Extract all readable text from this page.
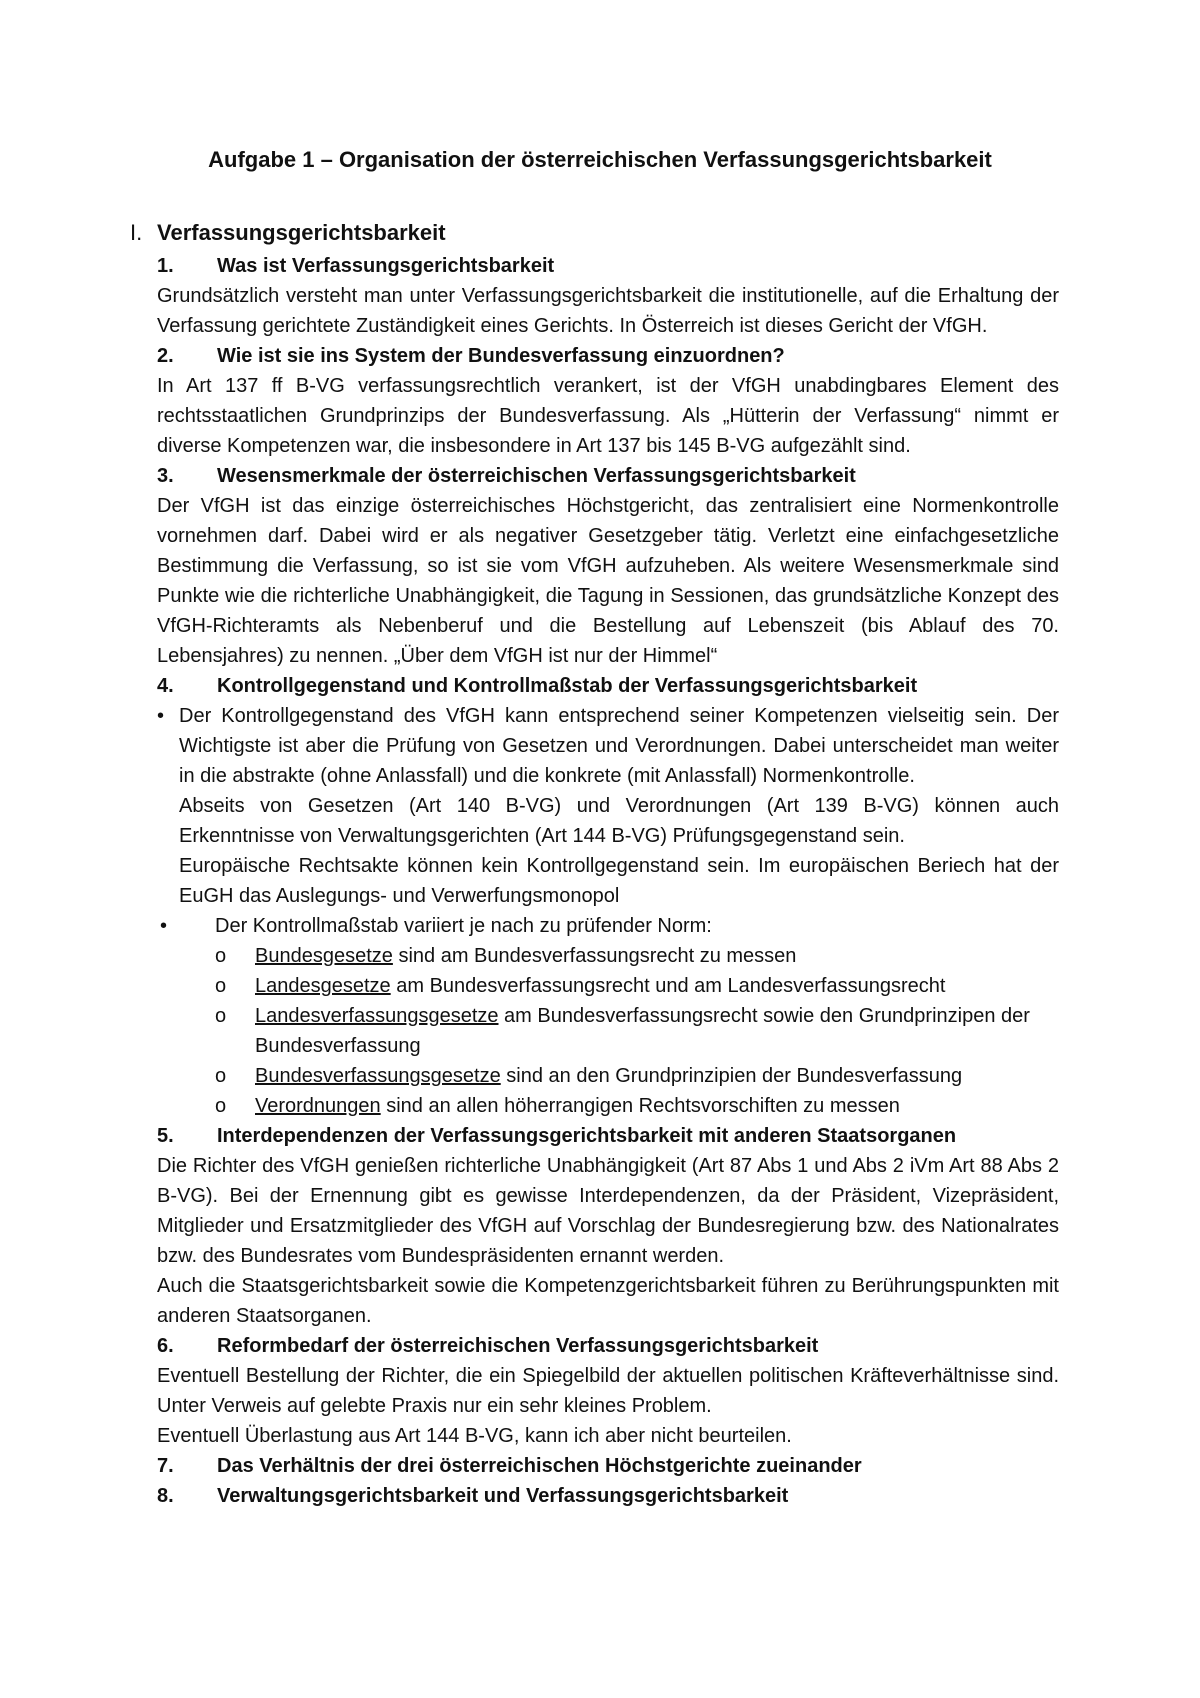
Aufgabe 1 – Organisation der österreichischen Verfassungsgerichtsbarkeit
I. Verfassungsgerichtsbarkeit
1. Was ist Verfassungsgerichtsbarkeit
Grundsätzlich versteht man unter Verfassungsgerichtsbarkeit die institutionelle, auf die Erhaltung der Verfassung gerichtete Zuständigkeit eines Gerichts. In Österreich ist dieses Gericht der VfGH.
2. Wie ist sie ins System der Bundesverfassung einzuordnen?
In Art 137 ff B-VG verfassungsrechtlich verankert, ist der VfGH unabdingbares Element des rechtsstaatlichen Grundprinzips der Bundesverfassung. Als „Hütterin der Verfassung“ nimmt er diverse Kompetenzen war, die insbesondere in Art 137 bis 145 B-VG aufgezählt sind.
3. Wesensmerkmale der österreichischen Verfassungsgerichtsbarkeit
Der VfGH ist das einzige österreichisches Höchstgericht, das zentralisiert eine Normenkontrolle vornehmen darf. Dabei wird er als negativer Gesetzgeber tätig. Verletzt eine einfachgesetzliche Bestimmung die Verfassung, so ist sie vom VfGH aufzuheben. Als weitere Wesensmerkmale sind Punkte wie die richterliche Unabhängigkeit, die Tagung in Sessionen, das grundsätzliche Konzept des VfGH-Richteramts als Nebenberuf und die Bestellung auf Lebenszeit (bis Ablauf des 70. Lebensjahres) zu nennen. „Über dem VfGH ist nur der Himmel“
4. Kontrollgegenstand und Kontrollmaßstab der Verfassungsgerichtsbarkeit
• Der Kontrollgegenstand des VfGH kann entsprechend seiner Kompetenzen vielseitig sein. Der Wichtigste ist aber die Prüfung von Gesetzen und Verordnungen. Dabei unterscheidet man weiter in die abstrakte (ohne Anlassfall) und die konkrete (mit Anlassfall) Normenkontrolle.
Abseits von Gesetzen (Art 140 B-VG) und Verordnungen (Art 139 B-VG) können auch Erkenntnisse von Verwaltungsgerichten (Art 144 B-VG) Prüfungsgegenstand sein.
Europäische Rechtsakte können kein Kontrollgegenstand sein. Im europäischen Beriech hat der EuGH das Auslegungs- und Verwerfungsmonopol
• Der Kontrollmaßstab variiert je nach zu prüfender Norm:
o Bundesgesetze sind am Bundesverfassungsrecht zu messen
o Landesgesetze am Bundesverfassungsrecht und am Landesverfassungsrecht
o Landesverfassungsgesetze am Bundesverfassungsrecht sowie den Grundprinzipen der Bundesverfassung
o Bundesverfassungsgesetze sind an den Grundprinzipien der Bundesverfassung
o Verordnungen sind an allen höherrangigen Rechtsvorschiften zu messen
5. Interdependenzen der Verfassungsgerichtsbarkeit mit anderen Staatsorganen
Die Richter des VfGH genießen richterliche Unabhängigkeit (Art 87 Abs 1 und Abs 2 iVm Art 88 Abs 2 B-VG). Bei der Ernennung gibt es gewisse Interdependenzen, da der Präsident, Vizepräsident, Mitglieder und Ersatzmitglieder des VfGH auf Vorschlag der Bundesregierung bzw. des Nationalrates bzw. des Bundesrates vom Bundespräsidenten ernannt werden.
Auch die Staatsgerichtsbarkeit sowie die Kompetenzgerichtsbarkeit führen zu Berührungspunkten mit anderen Staatsorganen.
6. Reformbedarf der österreichischen Verfassungsgerichtsbarkeit
Eventuell Bestellung der Richter, die ein Spiegelbild der aktuellen politischen Kräfteverhältnisse sind. Unter Verweis auf gelebte Praxis nur ein sehr kleines Problem.
Eventuell Überlastung aus Art 144 B-VG, kann ich aber nicht beurteilen.
7. Das Verhältnis der drei österreichischen Höchstgerichte zueinander
8. Verwaltungsgerichtsbarkeit und Verfassungsgerichtsbarkeit
